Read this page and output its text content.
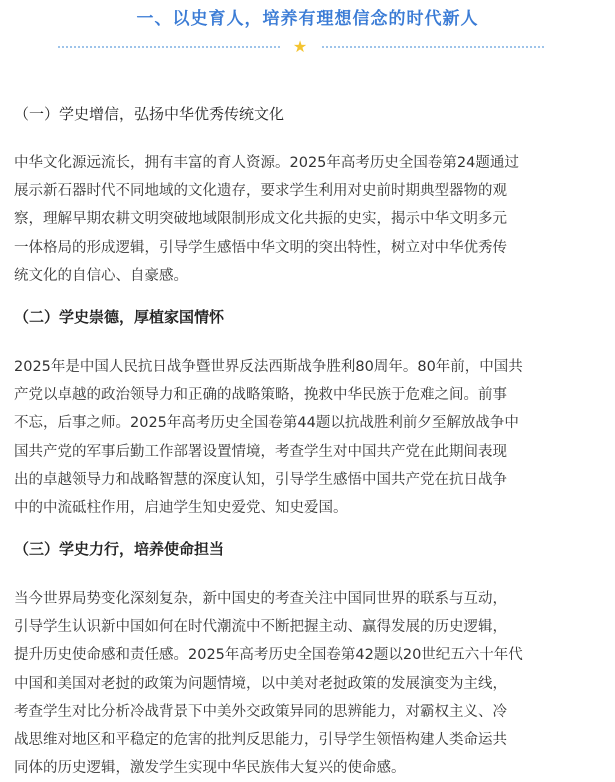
一、以史育人，培养有理想信念的时代新人
★
（一）学史增信，弘扬中华优秀传统文化
中华文化源远流长，拥有丰富的育人资源。2025年高考历史全国卷第24题通过
展示新石器时代不同地域的文化遗存，要求学生利用对史前时期典型器物的观
察，理解早期农耕文明突破地域限制形成文化共振的史实，揭示中华文明多元
一体格局的形成逻辑，引导学生感悟中华文明的突出特性，树立对中华优秀传
统文化的自信心、自豪感。
（二）学史崇德，厚植家国情怀
2025年是中国人民抗日战争暨世界反法西斯战争胜利80周年。80年前，中国共
产党以卓越的政治领导力和正确的战略策略，挽救中华民族于危难之间。前事
不忘，后事之师。2025年高考历史全国卷第44题以抗战胜利前夕至解放战争中
国共产党的军事后勤工作部署设置情境，考查学生对中国共产党在此期间表现
出的卓越领导力和战略智慧的深度认知，引导学生感悟中国共产党在抗日战争
中的中流砥柱作用，启迪学生知史爱党、知史爱国。
（三）学史力行，培养使命担当
当今世界局势变化深刻复杂，新中国史的考查关注中国同世界的联系与互动，
引导学生认识新中国如何在时代潮流中不断把握主动、赢得发展的历史逻辑，
提升历史使命感和责任感。2025年高考历史全国卷第42题以20世纪五六十年代
中国和美国对老挝的政策为问题情境，以中美对老挝政策的发展演变为主线，
考查学生对比分析冷战背景下中美外交政策异同的思辨能力，对霸权主义、冷
战思维对地区和平稳定的危害的批判反思能力，引导学生领悟构建人类命运共
同体的历史逻辑，激发学生实现中华民族伟大复兴的使命感。
